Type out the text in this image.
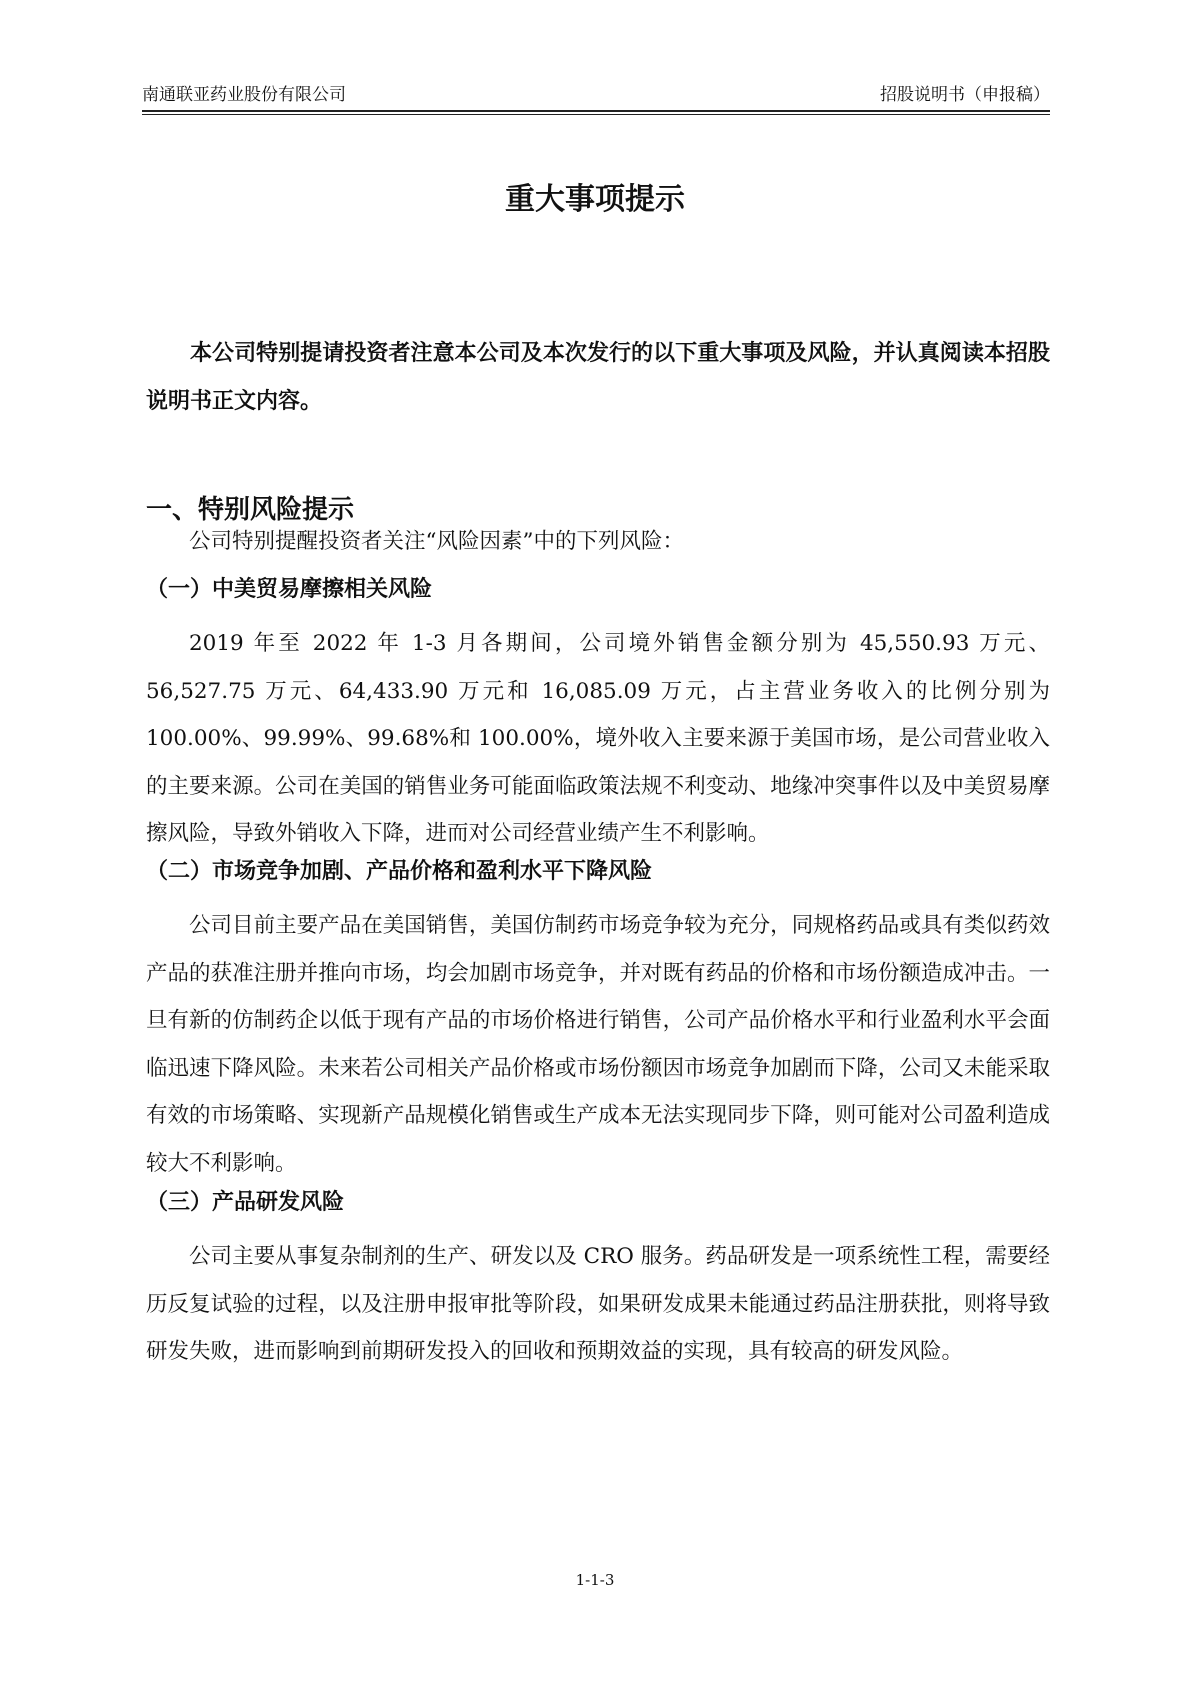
南通联亚药业股份有限公司	招股说明书（申报稿）
重大事项提示

本公司特别提请投资者注意本公司及本次发行的以下重大事项及风险，并认真阅读本招股说明书正文内容。

一、特别风险提示

公司特别提醒投资者关注“风险因素”中的下列风险：

（一）中美贸易摩擦相关风险

2019 年至 2022 年 1-3 月各期间，公司境外销售金额分别为 45,550.93 万元、56,527.75 万元、64,433.90 万元和 16,085.09 万元，占主营业务收入的比例分别为 100.00%、99.99%、99.68%和 100.00%，境外收入主要来源于美国市场，是公司营业收入的主要来源。公司在美国的销售业务可能面临政策法规不利变动、地缘冲突事件以及中美贸易摩擦风险，导致外销收入下降，进而对公司经营业绩产生不利影响。

（二）市场竞争加剧、产品价格和盈利水平下降风险

公司目前主要产品在美国销售，美国仿制药市场竞争较为充分，同规格药品或具有类似药效产品的获准注册并推向市场，均会加剧市场竞争，并对既有药品的价格和市场份额造成冲击。一旦有新的仿制药企以低于现有产品的市场价格进行销售，公司产品价格水平和行业盈利水平会面临迅速下降风险。未来若公司相关产品价格或市场份额因市场竞争加剧而下降，公司又未能采取有效的市场策略、实现新产品规模化销售或生产成本无法实现同步下降，则可能对公司盈利造成较大不利影响。

（三）产品研发风险

公司主要从事复杂制剂的生产、研发以及 CRO 服务。药品研发是一项系统性工程，需要经历反复试验的过程，以及注册申报审批等阶段，如果研发成果未能通过药品注册获批，则将导致研发失败，进而影响到前期研发投入的回收和预期效益的实现，具有较高的研发风险。

1-1-3
